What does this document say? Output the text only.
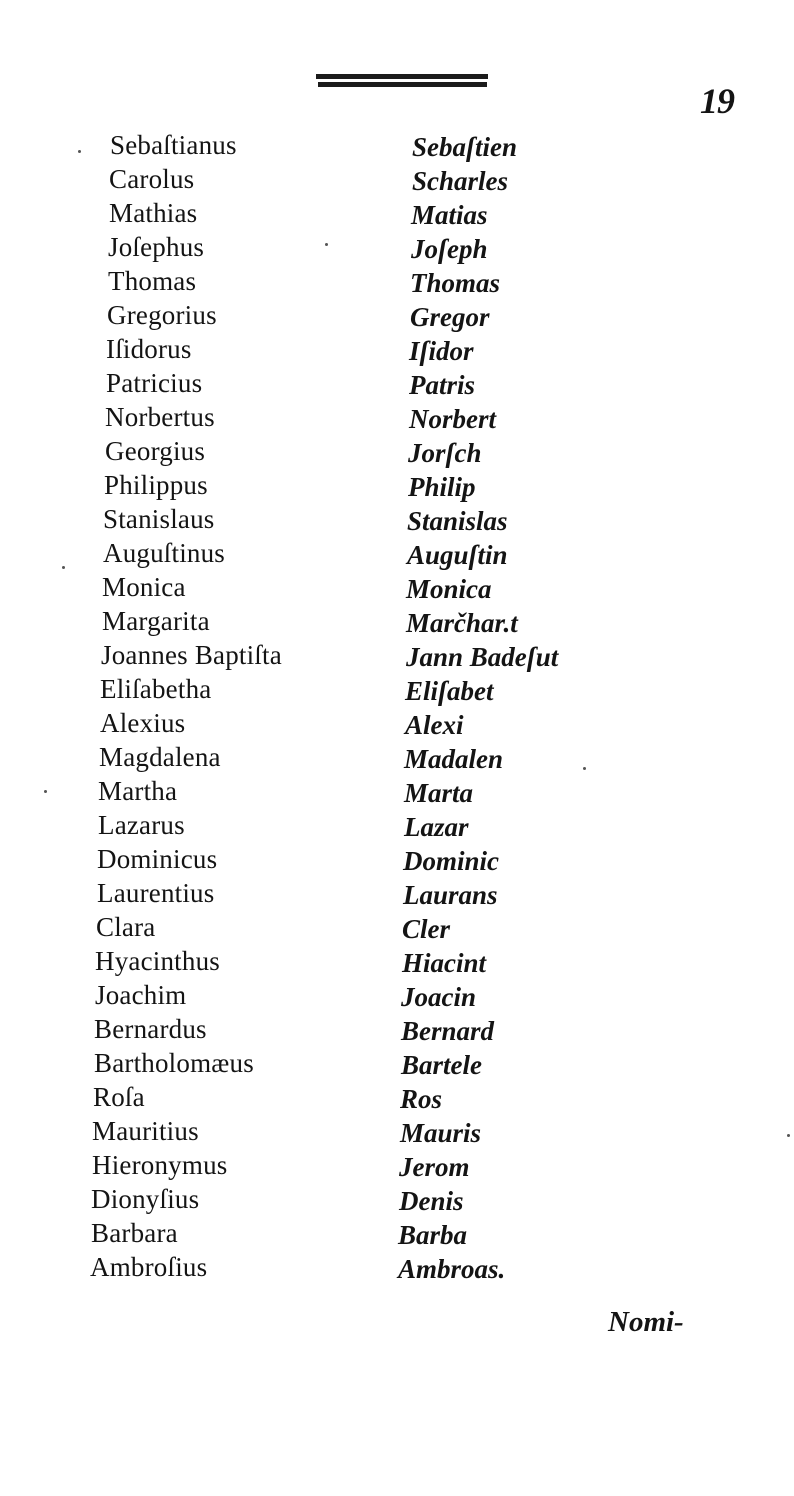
19
Sebaſtianus	Sebaſtien
Carolus	Scharles
Mathias	Matias
Joſephus	Joſeph
Thomas	Thomas
Gregorius	Gregor
Iſidorus	Iſidor
Patricius	Patris
Norbertus	Norbert
Georgius	Jorſch
Philippus	Philip
Stanislaus	Stanislas
Auguſtinus	Auguſtin
Monica	Monica
Margarita	Marčhar.t
Joannes Baptiſta	Jann Badeſut
Eliſabetha	Eliſabet
Alexius	Alexi
Magdalena	Madalen
Martha	Marta
Lazarus	Lazar
Dominicus	Dominic
Laurentius	Laurans
Clara	Cler
Hyacinthus	Hiacint
Joachim	Joacin
Bernardus	Bernard
Bartholomæus	Bartele
Roſa	Ros
Mauritius	Mauris
Hieronymus	Jerom
Dionyſius	Denis
Barbara	Barba
Ambroſius	Ambroas.
Nomi-
